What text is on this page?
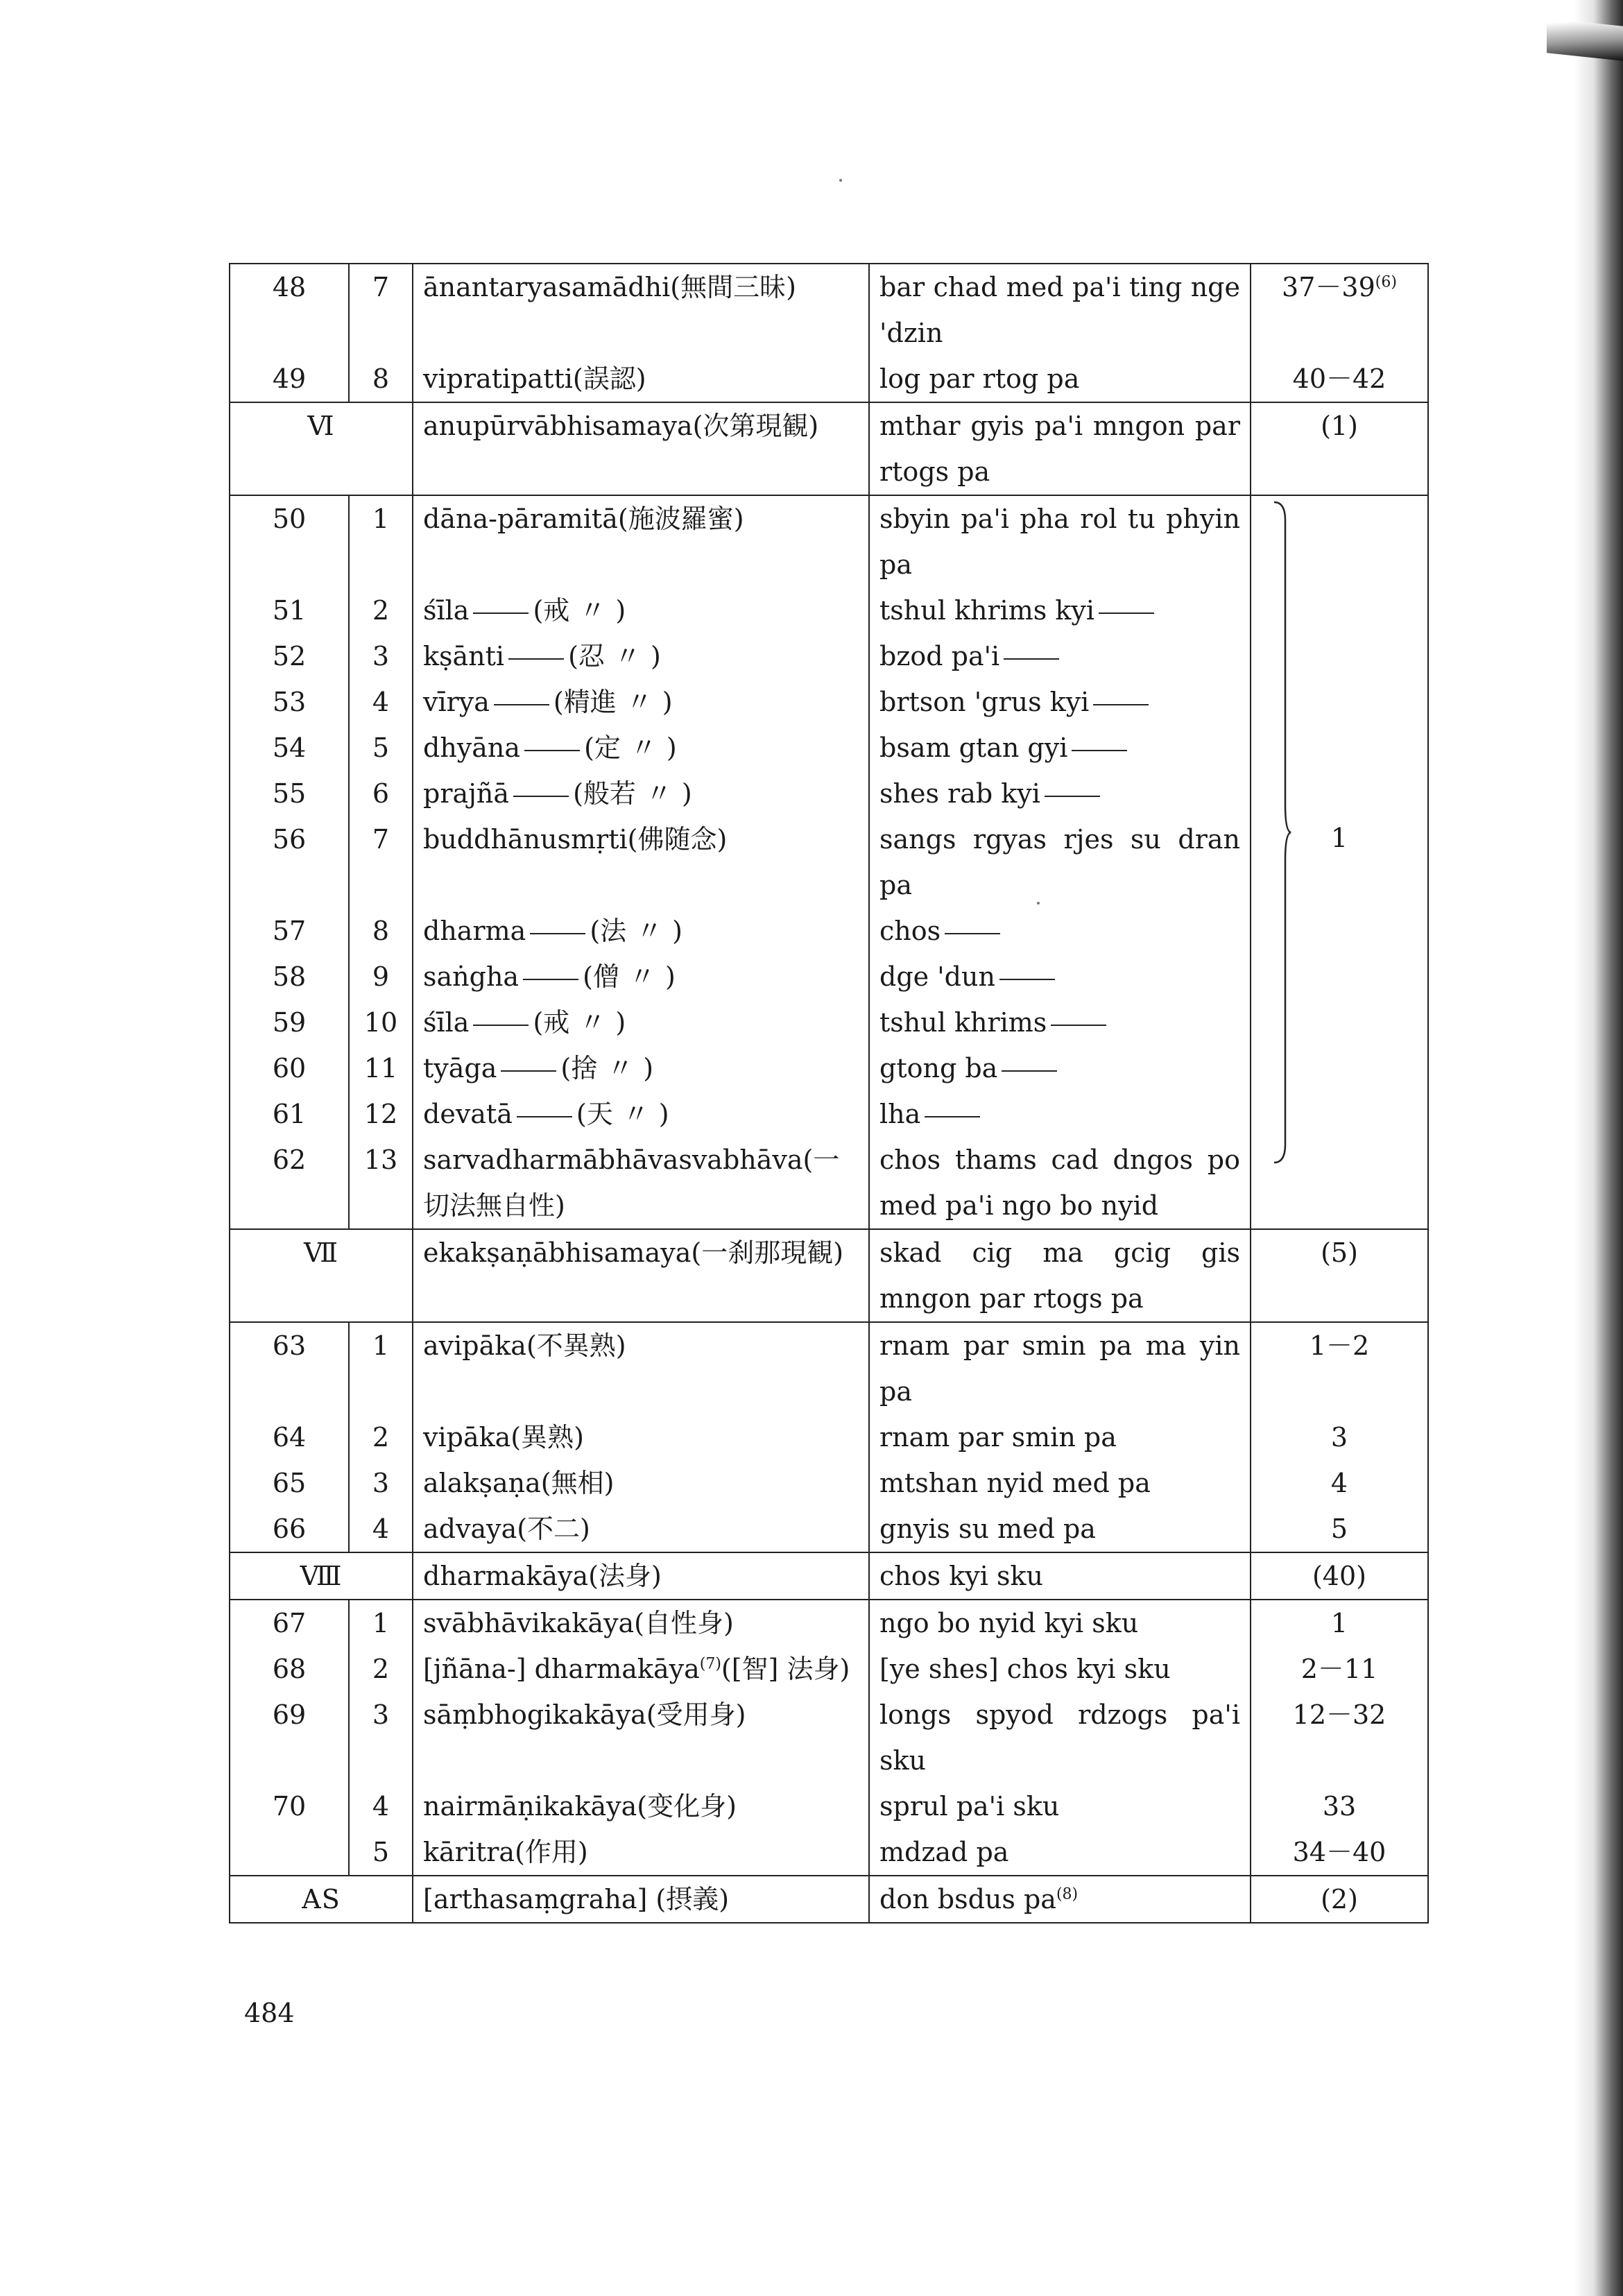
48	7	ānantaryasamādhi(無間三昧)	bar chad med pa'i ting nge 'dzin	$37-39^{(6)}$
49	8	vipratipatti(誤認)	log par rtog pa	40－42
Ⅵ		anupūrvābhisamaya(次第現観)	mthar gyis pa'i mngon par rtogs pa	(1)
50	1	dāna-pāramitā(施波羅蜜)	sbyin pa'i pha rol tu phyin pa	1

51	2	śīla (戒 〃 )	tshul khrims kyi	
52	3	kṣānti (忍 〃 )	bzod pa'i	
53	4	vīrya (精進 〃 )	brtson 'grus kyi	
54	5	dhyāna (定 〃 )	bsam gtan gyi	
55	6	prajñā (般若 〃 )	shes rab kyi	
56	7	buddhānusmṛti(佛随念)	sangs rgyas rjes su dran pa	
57	8	dharma (法 〃 )	chos	
58	9	saṅgha (僧 〃 )	dge 'dun	
59	10	śīla (戒 〃 )	tshul khrims	
60	11	tyāga (捨 〃 )	gtong ba	
61	12	devatā (天 〃 )	lha	
62	13	sarvadharmābhāvasvabhāva(一切法無自性)	chos thams cad dngos po med pa'i ngo bo nyid	
Ⅶ		ekakṣaṇābhisamaya(一刹那現観)	skad cig ma gcig gis mngon par rtogs pa	(5)
63	1	avipāka(不異熟)	rnam par smin pa ma yin pa	1－2
64	2	vipāka(異熟)	rnam par smin pa	3
65	3	alakṣaṇa(無相)	mtshan nyid med pa	4
66	4	advaya(不二)	gnyis su med pa	5
Ⅷ		dharmakāya(法身)	chos kyi sku	(40)
67	1	svābhāvikakāya(自性身)	ngo bo nyid kyi sku	1
68	2	[jñāna-] dharmakāya$^{(7)}$([智] 法身)	[ye shes] chos kyi sku	2－11
69	3	sāṃbhogikakāya(受用身)	longs spyod rdzogs pa'i sku	12－32
70	4	nairmāṇikakāya(变化身)	sprul pa'i sku	33
	5	kāritra(作用)	mdzad pa	34－40
AS		[arthasaṃgraha] (摂義)	don bsdus $pa^{(8)}$	(2)
484
